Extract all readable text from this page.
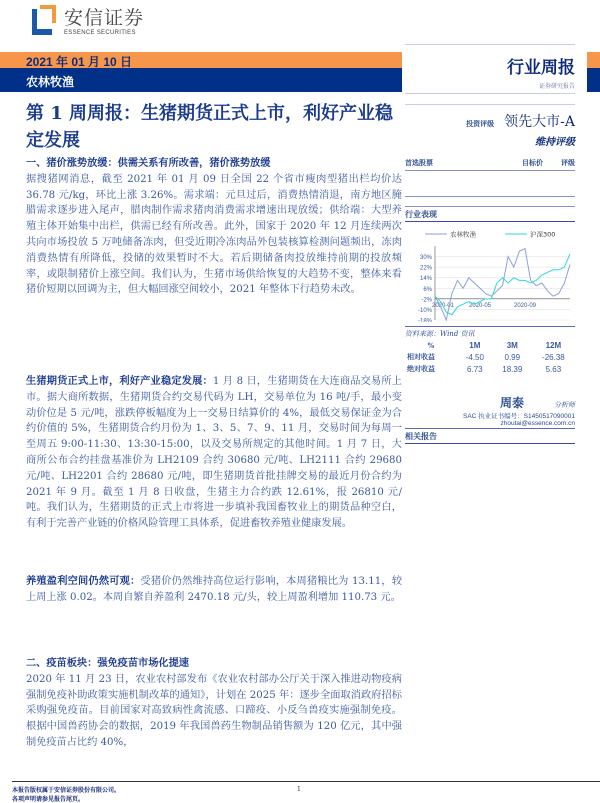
安信证券
ESSENCE SECURITIES
2021 年 01 月 10 日
农林牧渔
行业周报
证券研究报告
第 1 周周报：生猪期货正式上市，利好产业稳定发展
投资评级 领先大市-A
维持评级
一、猪价涨势放缓：供需关系有所改善，猪价涨势放缓
据搜猪网消息，截至 2021 年 01 月 09 日全国 22 个省市瘦肉型猪出栏均价达 36.78 元/kg，环比上涨 3.26%。需求端：元旦过后，消费热情消退，南方地区腌腊需求逐步进入尾声，腊肉制作需求猪肉消费需求增速出现放缓；供给端：大型养殖主体开始集中出栏，供需已经有所改善。此外，国家于 2020 年 12 月连续两次共向市场投放 5 万吨储备冻肉，但受近期冷冻肉品外包装核算检测问题频出，冻肉消费热情有所降低，投储的效果暂时不大。若后期储备肉投放维持前期的投放频率，或限制猪价上涨空间。我们认为，生猪市场供给恢复的大趋势不变，整体来看猪价短期以回调为主，但大幅回涨空间较小，2021 年整体下行趋势未改。
生猪期货正式上市，利好产业稳定发展：1 月 8 日，生猪期货在大连商品交易所上市。据大商所数据，生猪期货合约交易代码为 LH，交易单位为 16 吨/手，最小变动价位是 5 元/吨，涨跌停板幅度为上一交易日结算价的 4%，最低交易保证金为合约价值的 5%，生猪期货合约月份为 1、3、5、7、9、11 月，交易时间为每周一至周五 9:00-11:30、13:30-15:00，以及交易所规定的其他时间。1 月 7 日，大商所公布合约挂盘基准价为 LH2109 合约 30680 元/吨、LH2111 合约 29680 元/吨、LH2201 合约 28680 元/吨，即生猪期货首批挂牌交易的最近月份合约为 2021 年 9 月。截至 1 月 8 日收盘，生猪主力合约跌 12.61%，报 26810 元/吨。我们认为，生猪期货的正式上市将进一步填补我国畜牧业上的期货品种空白，有利于完善产业链的价格风险管理工具体系，促进畜牧养殖业健康发展。
养殖盈利空间仍然可观：受猪价仍然维持高位运行影响，本周猪粮比为 13.11，较上周上涨 0.02。本周自繁自养盈利 2470.18 元/头，较上周盈利增加 110.73 元。
二、疫苗板块：强免疫苗市场化提速
2020 年 11 月 23 日，农业农村部发布《农业农村部办公厅关于深入推进动物疫病强制免疫补助政策实施机制改革的通知》，计划在 2025 年：逐步全面取消政府招标采购强免疫苗。目前国家对高致病性禽流感、口蹄疫、小反刍兽疫实施强制免疫。根据中国兽药协会的数据，2019 年我国兽药生物制品销售额为 120 亿元，其中强制免疫苗占比约 40%，
首选股票	目标价	评级
行业表现
30%
22%
14%
6%
-2%
-10%
-18%
2020-01 2020-05	2020-09
农林牧渔	沪深300
资料来源：Wind 资讯
%	1M	3M	12M
相对收益	-4.50	0.99	-26.38
绝对收益	6.73	18.39	5.63
周泰	分析师
SAC 执业证书编号：S1450517090001
zhoutai@essence.com.cn
相关报告
本报告版权属于安信证券股份有限公司。
各项声明请参见报告尾页。
1
